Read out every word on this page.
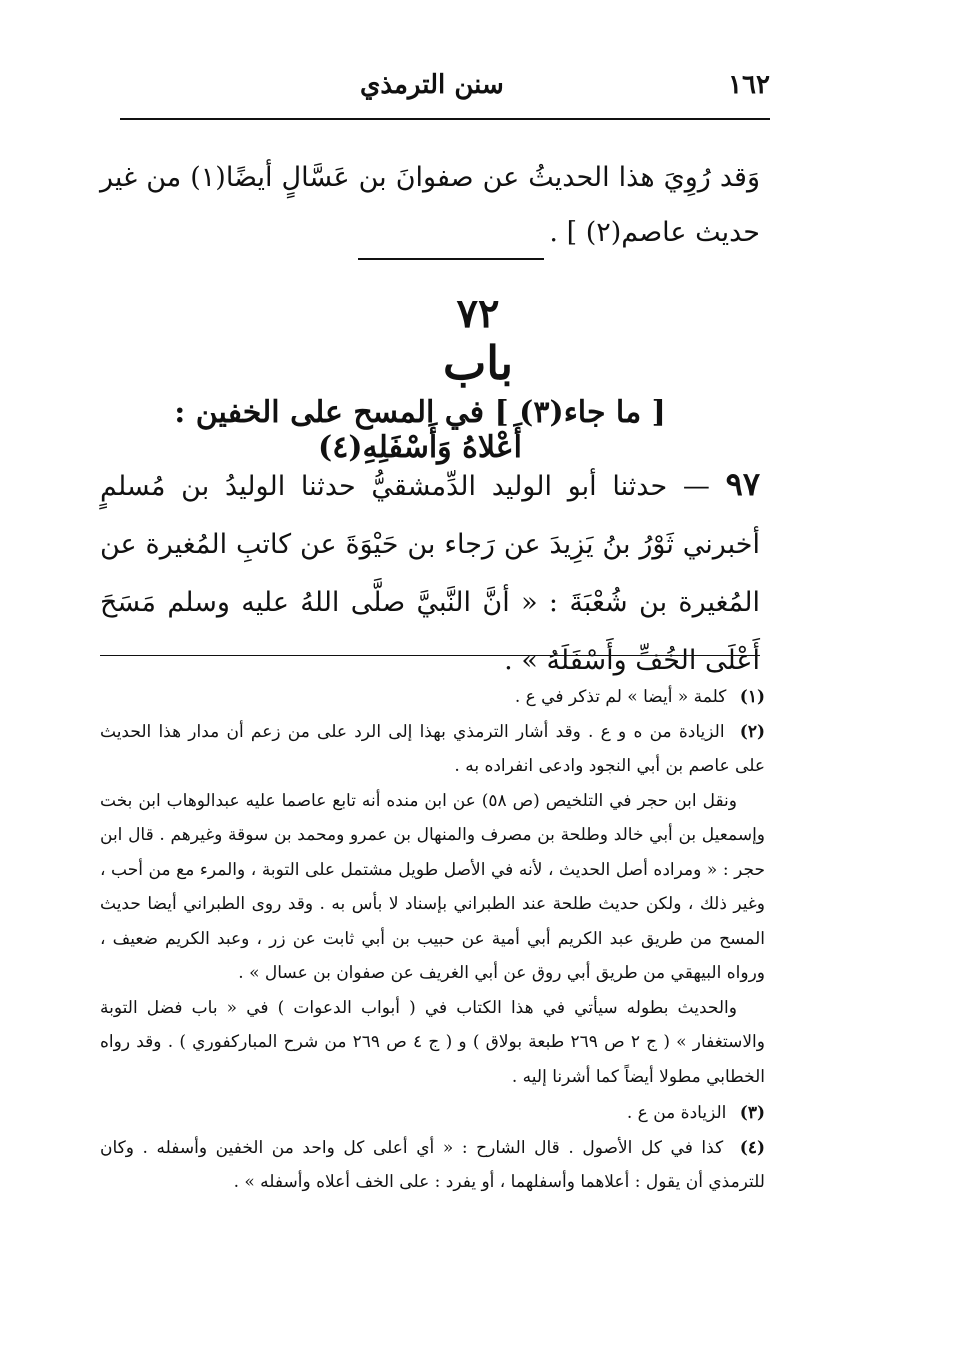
١٦٢
سنن الترمذي
وَقد رُوِيَ هذا الحديثُ عن صفوانَ بن عَسَّالٍ أيضًا(١) من غير حديث عاصم(٢) ] .
٧٢
باب
[ ما جاء(٣) ] في المسح على الخفين : أَعْلاهُ وَأَسْفَلِهِ(٤)
٩٧ — حدثنا أبو الوليد الدِّمشقيُّ حدثنا الوليدُ بن مُسلمٍ أخبرني ثَوْرُ بنُ يَزِيدَ عن رَجاء بن حَيْوَةَ عن كاتبِ المُغيرة عن المُغيرة بن شُعْبَةَ : « أنَّ النَّبيَّ صلَّى اللهُ عليه وسلم مَسَحَ أَعْلَى الخُفِّ وأَسْفَلَهُ » .

(١) كلمة « أيضا » لم تذكر في ع .

(٢) الزيادة من ه و ع . وقد أشار الترمذي بهذا إلى الرد على من زعم أن مدار هذا الحديث على عاصم بن أبي النجود وادعى انفراده به .

ونقل ابن حجر في التلخيص (ص ٥٨) عن ابن منده أنه تابع عاصما عليه عبدالوهاب ابن بخت وإسمعيل بن أبي خالد وطلحة بن مصرف والمنهال بن عمرو ومحمد بن سوقة وغيرهم . قال ابن حجر : « ومراده أصل الحديث ، لأنه في الأصل طويل مشتمل على التوبة ، والمرء مع من أحب ، وغير ذلك ، ولكن حديث طلحة عند الطبراني بإسناد لا بأس به . وقد روى الطبراني أيضا حديث المسح من طريق عبد الكريم أبي أمية عن حبيب بن أبي ثابت عن زر ، وعبد الكريم ضعيف ، ورواه البيهقي من طريق أبي روق عن أبي الغريف عن صفوان بن عسال » .

والحديث بطوله سيأتي في هذا الكتاب في ( أبواب الدعوات ) في « باب فضل التوبة والاستغفار » ( ج ٢ ص ٢٦٩ طبعة بولاق ) و ( ج ٤ ص ٢٦٩ من شرح المباركفوري ) . وقد رواه الخطابي مطولا أيضاً كما أشرنا إليه .

(٣) الزيادة من ع .

(٤) كذا في كل الأصول . قال الشارح : « أي أعلى كل واحد من الخفين وأسفله . وكان للترمذي أن يقول : أعلاهما وأسفلهما ، أو يفرد : على الخف أعلاه وأسفله » .
